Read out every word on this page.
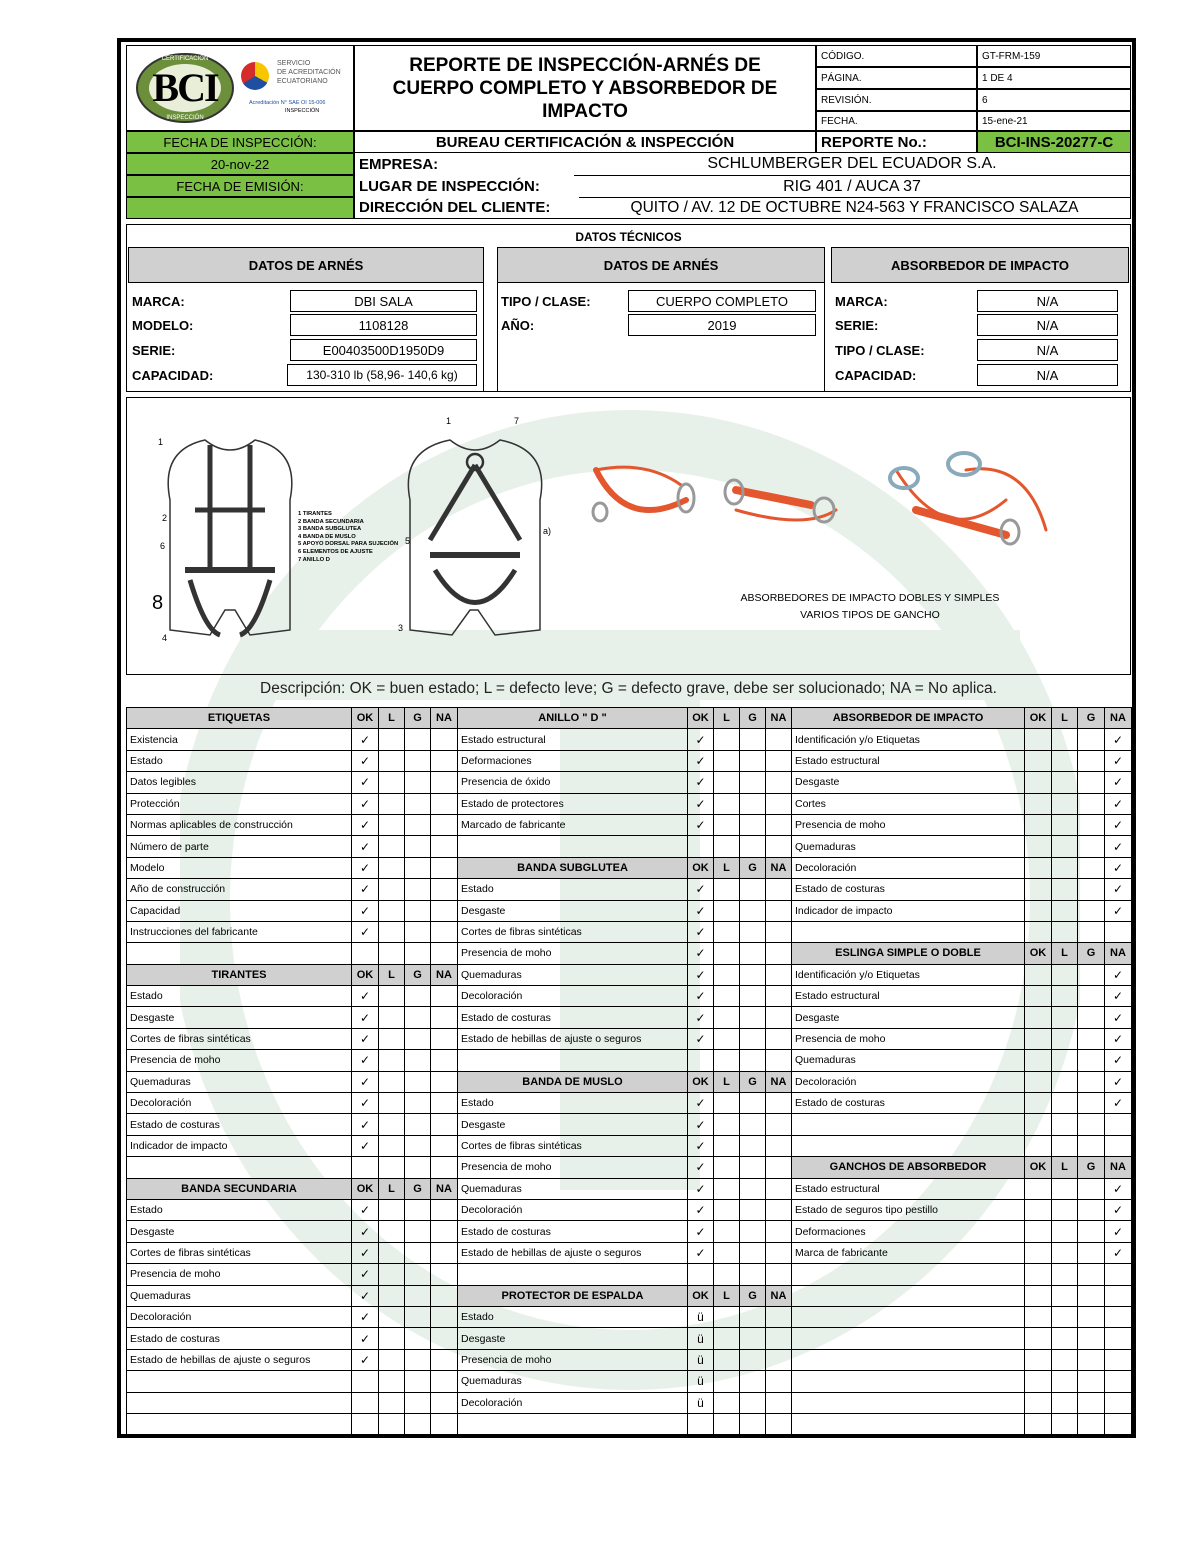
BCI
CERTIFICACIÓN
INSPECCIÓN
SERVICIO
DE ACREDITACIÓN
ECUATORIANO
Acreditación N° SAE OI 15-006
INSPECCIÓN
REPORTE DE INSPECCIÓN-ARNÉS DE CUERPO COMPLETO Y ABSORBEDOR DE IMPACTO
CÓDIGO.	GT-FRM-159
PÁGINA.	1 DE 4
REVISIÓN.	6
FECHA.	15-ene-21
FECHA DE INSPECCIÓN:
20-nov-22
FECHA DE EMISIÓN:
BUREAU CERTIFICACIÓN & INSPECCIÓN	REPORTE No.:	BCI-INS-20277-C
EMPRESA:	SCHLUMBERGER DEL ECUADOR S.A.
LUGAR DE INSPECCIÓN:	RIG 401 / AUCA 37
DIRECCIÓN DEL CLIENTE:	QUITO / AV. 12 DE OCTUBRE N24-563 Y FRANCISCO SALAZA
DATOS TÉCNICOS
DATOS DE ARNÉS	DATOS DE ARNÉS	ABSORBEDOR DE IMPACTO
MARCA:	DBI SALA
MODELO:	1108128
SERIE:	E00403500D1950D9
CAPACIDAD:	130-310 lb (58,96- 140,6 kg)
TIPO / CLASE:	CUERPO COMPLETO
AÑO:	2019
MARCA:	N/A
SERIE:	N/A
TIPO / CLASE:	N/A
CAPACIDAD:	N/A
1
2
6
8
4
1	7
5
a)
3
1 TIRANTES
2 BANDA SECUNDARIA
3 BANDA SUBGLUTEA
4 BANDA DE MUSLO
5 APOYO DORSAL PARA SUJECIÓN
6 ELEMENTOS DE AJUSTE
7 ANILLO D
ABSORBEDORES DE IMPACTO DOBLES Y SIMPLES
VARIOS TIPOS DE GANCHO
Descripción: OK = buen estado; L = defecto leve; G = defecto grave, debe ser solucionado; NA = No aplica.
ETIQUETAS	OK	L	G	NA
Existencia	✓			
Estado	✓			
Datos legibles	✓			
Protección	✓			
Normas aplicables de construcción	✓			
Número de parte	✓			
Modelo	✓			
Año de construcción	✓			
Capacidad	✓			
Instrucciones del fabricante	✓			

TIRANTES	OK	L	G	NA
Estado	✓			
Desgaste	✓			
Cortes de fibras sintéticas	✓			
Presencia de moho	✓			
Quemaduras	✓			
Decoloración	✓			
Estado de costuras	✓			
Indicador de impacto	✓			

BANDA SECUNDARIA	OK	L	G	NA
Estado	✓			
Desgaste	✓			
Cortes de fibras sintéticas	✓			
Presencia de moho	✓			
Quemaduras	✓			
Decoloración	✓			
Estado de costuras	✓			
Estado de hebillas de ajuste o seguros	✓			

ANILLO " D "	OK	L	G	NA
Estado estructural	✓			
Deformaciones	✓			
Presencia de óxido	✓			
Estado de protectores	✓			
Marcado de fabricante	✓			

BANDA SUBGLUTEA	OK	L	G	NA
Estado	✓			
Desgaste	✓			
Cortes de fibras sintéticas	✓			
Presencia de moho	✓			
Quemaduras	✓			
Decoloración	✓			
Estado de costuras	✓			
Estado de hebillas de ajuste o seguros	✓			

BANDA DE MUSLO	OK	L	G	NA
Estado	✓			
Desgaste	✓			
Cortes de fibras sintéticas	✓			
Presencia de moho	✓			
Quemaduras	✓			
Decoloración	✓			
Estado de costuras	✓			
Estado de hebillas de ajuste o seguros	✓			

PROTECTOR DE ESPALDA	OK	L	G	NA
Estado	ü			
Desgaste	ü			
Presencia de moho	ü			
Quemaduras	ü			
Decoloración	ü			

ABSORBEDOR DE IMPACTO	OK	L	G	NA
Identificación y/o Etiquetas				✓
Estado estructural				✓
Desgaste				✓
Cortes				✓
Presencia de moho				✓
Quemaduras				✓
Decoloración				✓
Estado de costuras				✓
Indicador de impacto				✓

ESLINGA SIMPLE O DOBLE	OK	L	G	NA
Identificación y/o Etiquetas				✓
Estado estructural				✓
Desgaste				✓
Presencia de moho				✓
Quemaduras				✓
Decoloración				✓
Estado de costuras				✓

GANCHOS DE ABSORBEDOR	OK	L	G	NA
Estado estructural				✓
Estado de seguros tipo pestillo				✓
Deformaciones				✓
Marca de fabricante				✓
